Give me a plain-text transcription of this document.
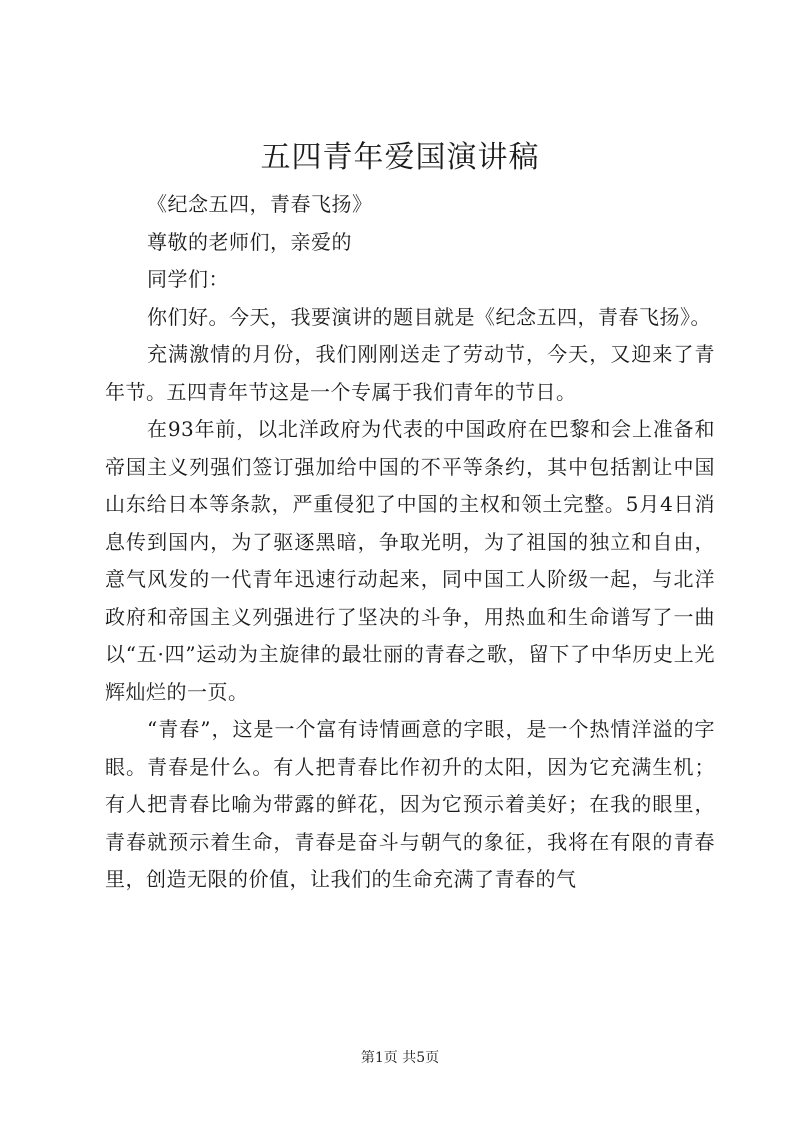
五四青年爱国演讲稿

《纪念五四，青春飞扬》

尊敬的老师们，亲爱的

同学们：

你们好。今天，我要演讲的题目就是《纪念五四，青春飞扬》。

充满激情的月份，我们刚刚送走了劳动节，今天，又迎来了青年节。五四青年节这是一个专属于我们青年的节日。

在93年前，以北洋政府为代表的中国政府在巴黎和会上准备和帝国主义列强们签订强加给中国的不平等条约，其中包括割让中国山东给日本等条款，严重侵犯了中国的主权和领土完整。5月4日消息传到国内，为了驱逐黑暗，争取光明，为了祖国的独立和自由，意气风发的一代青年迅速行动起来，同中国工人阶级一起，与北洋政府和帝国主义列强进行了坚决的斗争，用热血和生命谱写了一曲以“五·四”运动为主旋律的最壮丽的青春之歌，留下了中华历史上光辉灿烂的一页。

“青春”，这是一个富有诗情画意的字眼，是一个热情洋溢的字眼。青春是什么。有人把青春比作初升的太阳，因为它充满生机；有人把青春比喻为带露的鲜花，因为它预示着美好；在我的眼里，青春就预示着生命，青春是奋斗与朝气的象征，我将在有限的青春里，创造无限的价值，让我们的生命充满了青春的气

第1页 共5页
